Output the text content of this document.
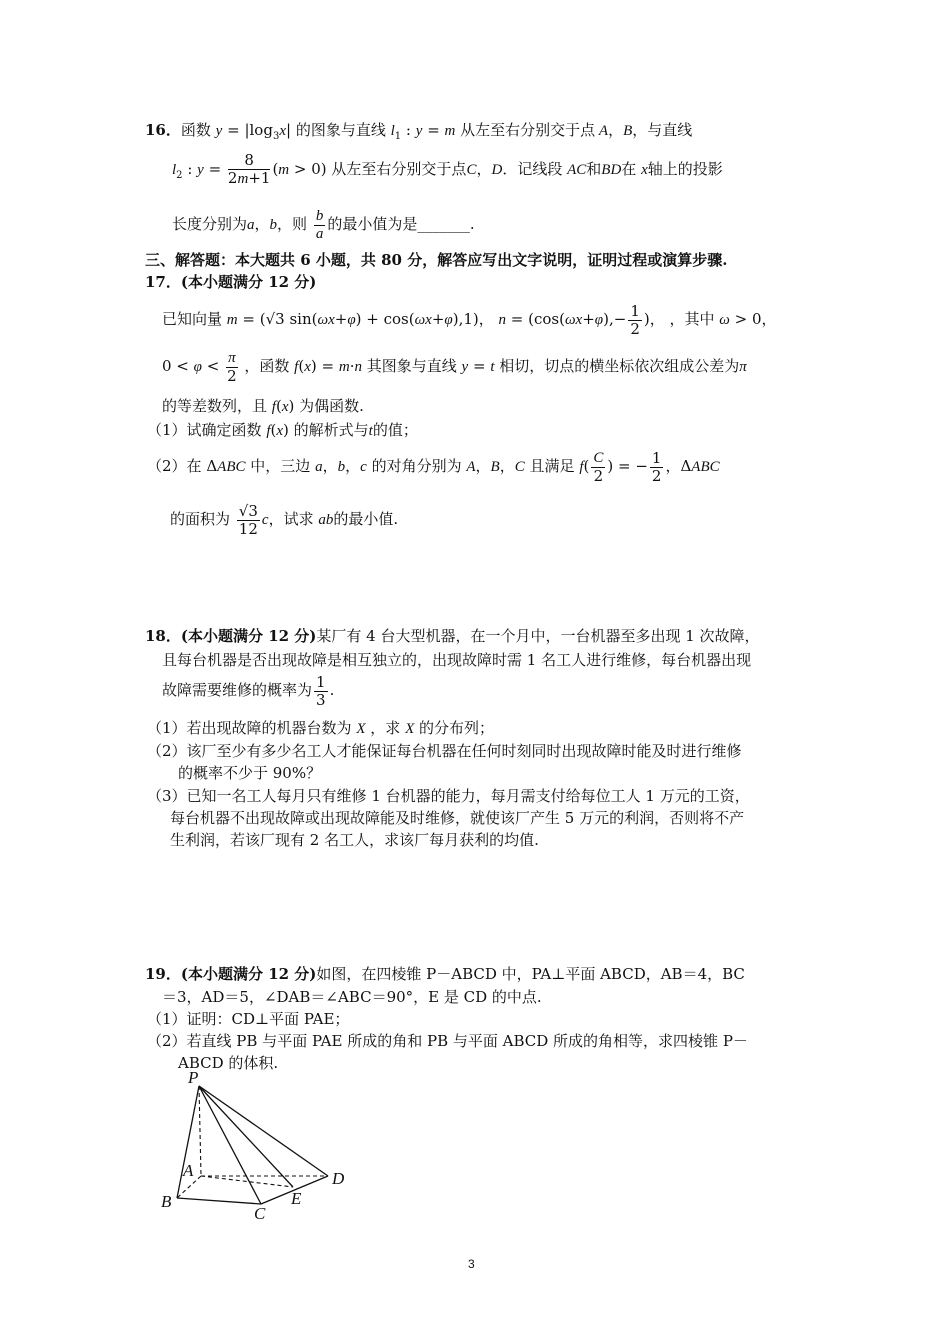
16．函数 $y = |\log_3x|$ 的图象与直线 $l_1$ : y = m 从左至右分别交于点 A，B，与直线
$l_2$ : $y = \frac{8}{2m+1} (m > 0)$ 从左至右分别交于点C，D．记线段 AC和BD在 x轴上的投影
长度分别为a，b，则 $\frac{b}{a}$ 的最小值为是_______.
三、解答题：本大题共 6 小题，共 80 分，解答应写出文字说明，证明过程或演算步骤.
17．(本小题满分 12 分)
已知向量 m = (√3 sin(ωx+φ) + cos(ωx+φ),1)， $n = (\cos(\omega x+\varphi),- \frac{1}{2}$ )， ，其中 ω > 0，
$0 < \varphi < \frac{\pi}{2}$ ，函数 f(x) = m·n 其图象与直线 y = t 相切，切点的横坐标依次组成公差为π
的等差数列，且 f(x) 为偶函数.
（1）试确定函数 f(x) 的解析式与t的值；
（2）在 ΔABC 中，三边 a，b，c 的对角分别为 A，B，C 且满足 $f( \frac{C}{2}$ ) = − $\frac{1}{2}$ ，ΔABC
的面积为 $\frac{√3}{12}$ c，试求 ab的最小值.
18．(本小题满分 12 分)某厂有 4 台大型机器，在一个月中，一台机器至多出现 1 次故障，
且每台机器是否出现故障是相互独立的，出现故障时需 1 名工人进行维修，每台机器出现
故障需要维修的概率为 $\frac{1}{3}$ .
（1）若出现故障的机器台数为 X ，求 X 的分布列；
（2）该厂至少有多少名工人才能保证每台机器在任何时刻同时出现故障时能及时进行维修
的概率不少于 90%？
（3）已知一名工人每月只有维修 1 台机器的能力，每月需支付给每位工人 1 万元的工资，
每台机器不出现故障或出现故障能及时维修，就使该厂产生 5 万元的利润，否则将不产
生利润，若该厂现有 2 名工人，求该厂每月获利的均值.
19．(本小题满分 12 分)如图，在四棱锥 P－ABCD 中，PA⊥平面 ABCD，AB＝4，BC
＝3，AD＝5，∠DAB＝∠ABC＝90°，E 是 CD 的中点.
（1）证明：CD⊥平面 PAE；
（2）若直线 PB 与平面 PAE 所成的角和 PB 与平面 ABCD 所成的角相等，求四棱锥 P－
ABCD 的体积.
P
A
B
C
D
E
3
